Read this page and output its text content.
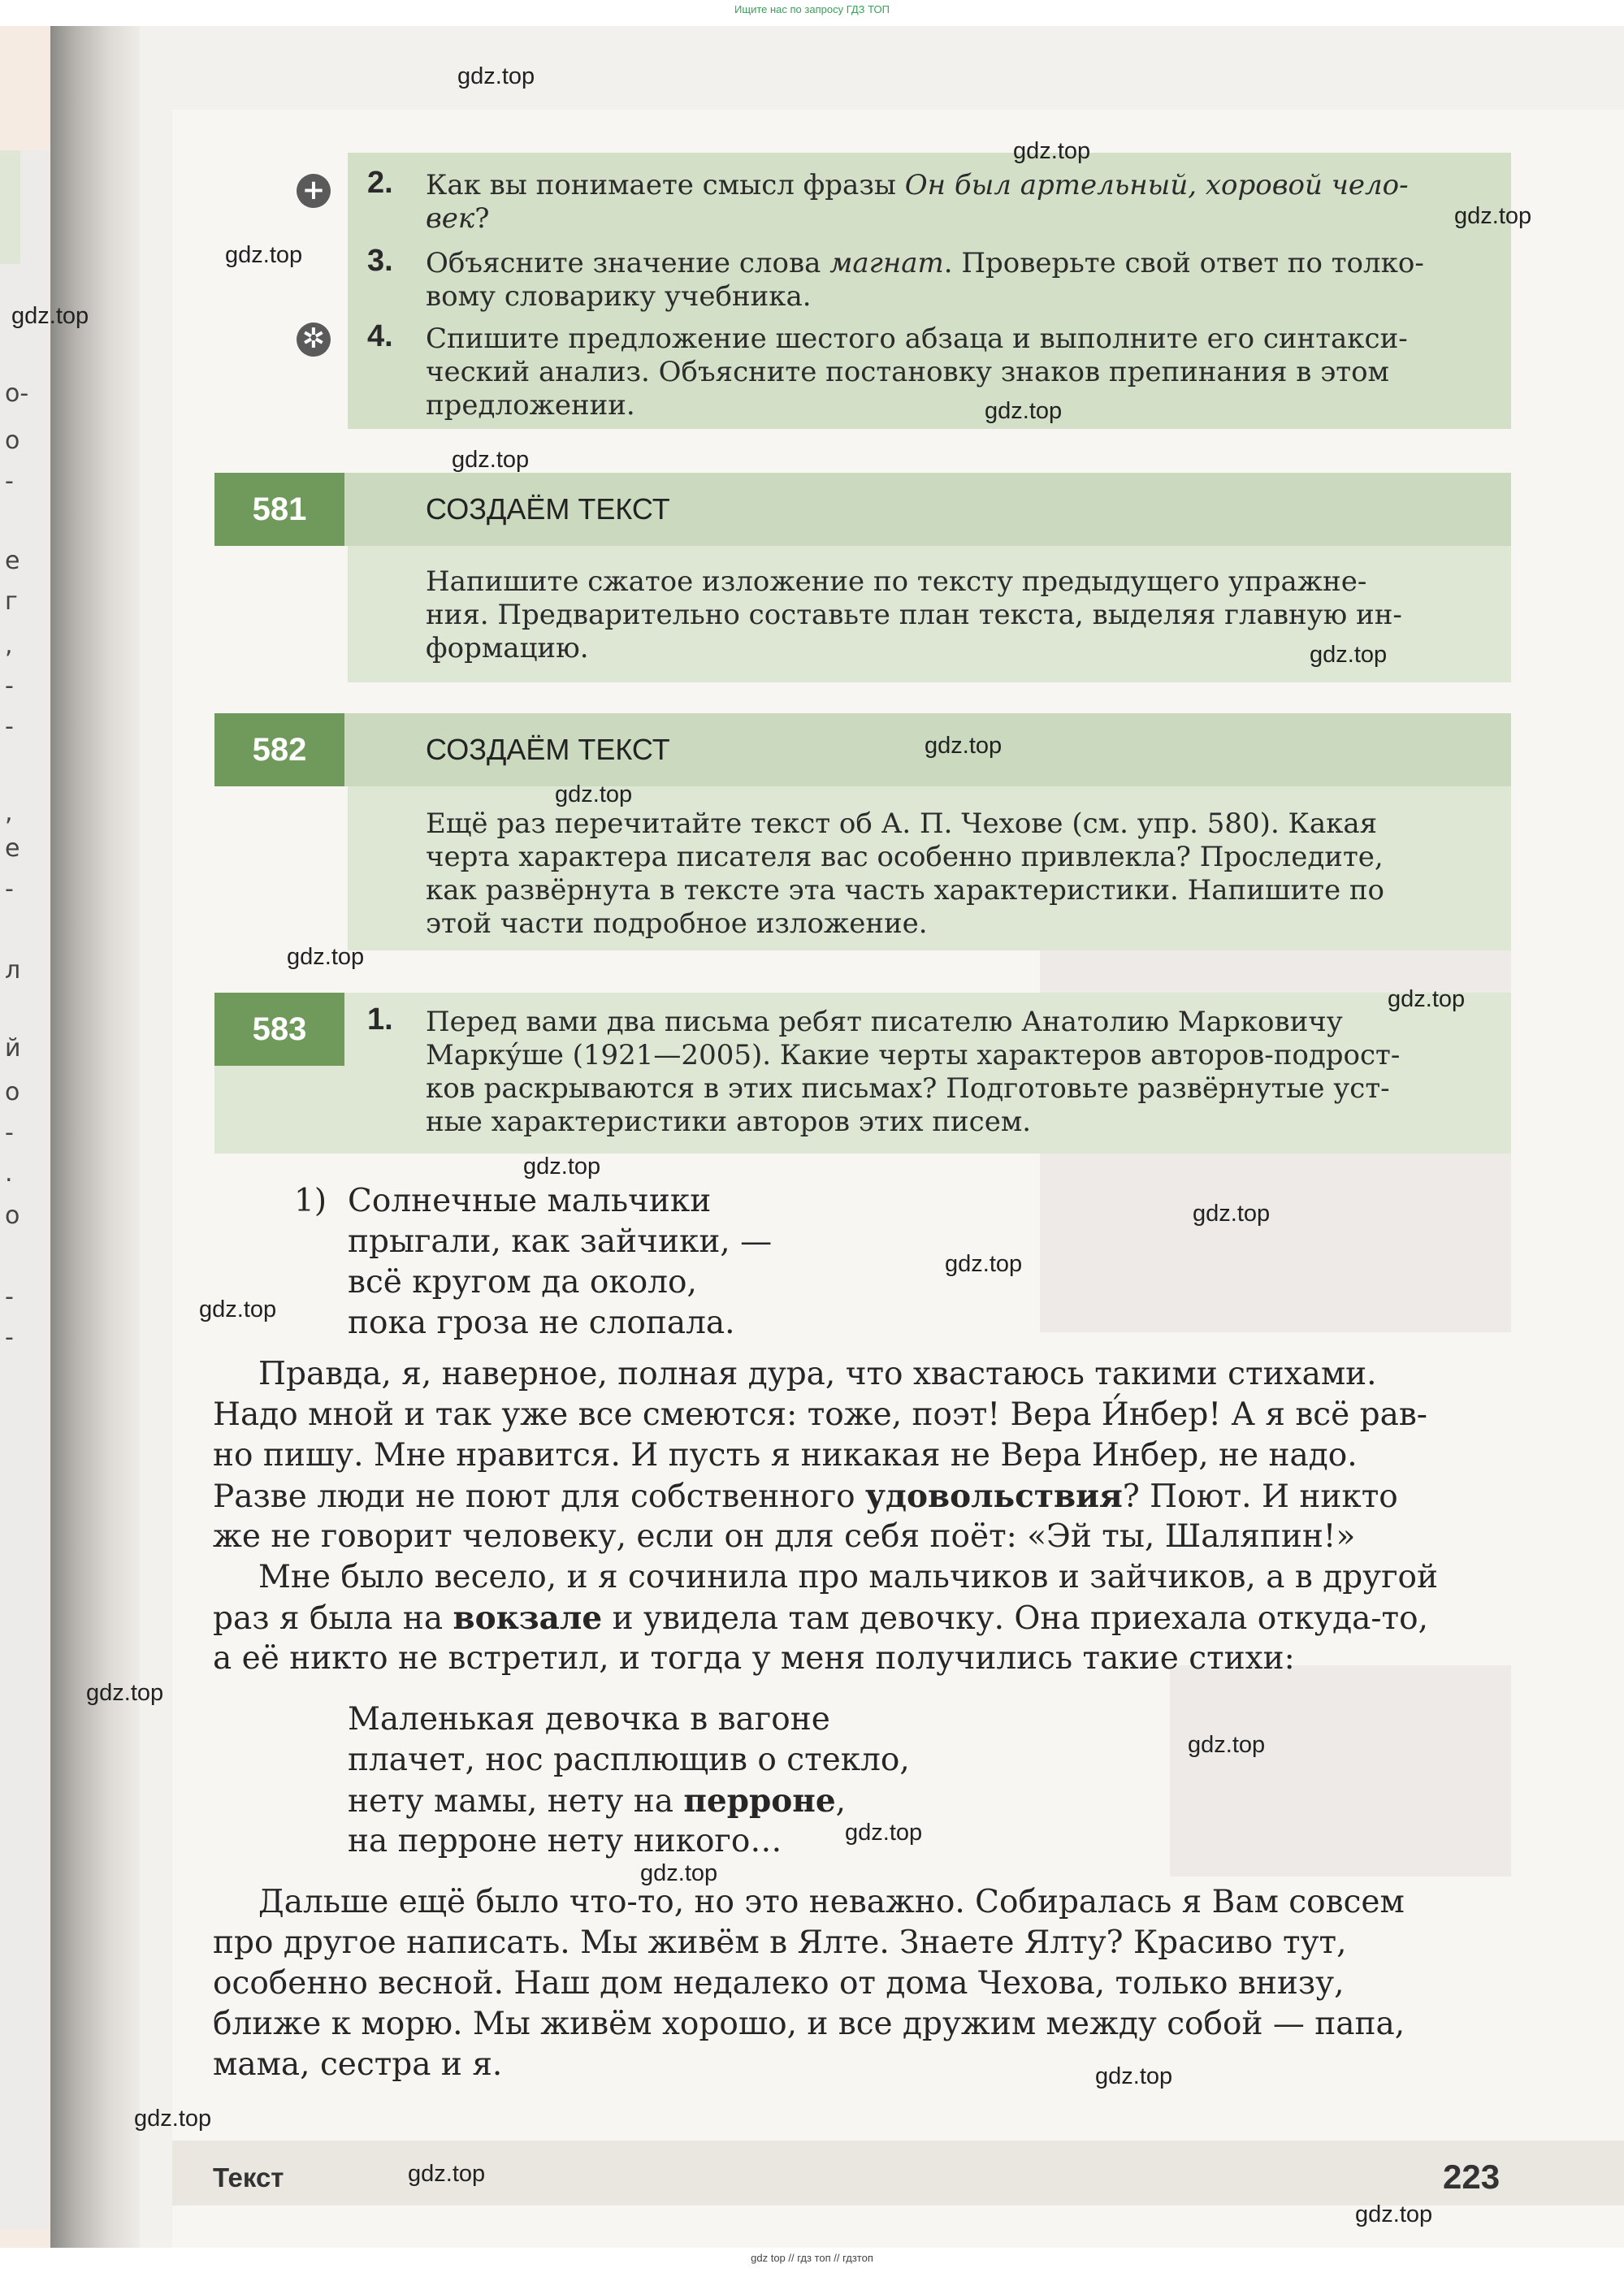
Ищите нас по запросу ГДЗ ТОП
о-
о
-
е
г
,
-
-
,
е
-
л
й
о
-
.
о
-
-
+ 2. Как вы понимаете смысл фразы Он был артельный, хоровой чело-
век?
3. Объясните значение слова магнат. Проверьте свой ответ по толко-
вому словарику учебника.
✲ 4. Спишите предложение шестого абзаца и выполните его синтакси-
ческий анализ. Объясните постановку знаков препинания в этом
предложении.
581	СОЗДАЁМ ТЕКСТ
Напишите сжатое изложение по тексту предыдущего упражне-
ния. Предварительно составьте план текста, выделяя главную ин-
формацию.
582	СОЗДАЁМ ТЕКСТ
Ещё раз перечитайте текст об А. П. Чехове (см. упр. 580). Какая
черта характера писателя вас особенно привлекла? Проследите,
как развёрнута в тексте эта часть характеристики. Напишите по
этой части подробное изложение.
583	1. Перед вами два письма ребят писателю Анатолию Марковичу
Марку́ше (1921—2005). Какие черты характеров авторов-подрост-
ков раскрываются в этих письмах? Подготовьте развёрнутые уст-
ные характеристики авторов этих писем.
1) Солнечные мальчики
прыгали, как зайчики, —
всё кругом да около,
пока гроза не слопала.
Правда, я, наверное, полная дура, что хвастаюсь такими стихами.
Надо мной и так уже все смеются: тоже, поэт! Вера И́нбер! А я всё рав-
но пишу. Мне нравится. И пусть я никакая не Вера Инбер, не надо.
Разве люди не поют для собственного удовольствия? Поют. И никто
же не говорит человеку, если он для себя поёт: «Эй ты, Шаляпин!»
Мне было весело, и я сочинила про мальчиков и зайчиков, а в другой
раз я была на вокзале и увидела там девочку. Она приехала откуда-то,
а её никто не встретил, и тогда у меня получились такие стихи:
Маленькая девочка в вагоне
плачет, нос расплющив о стекло,
нету мамы, нету на перроне,
на перроне нету никого…
Дальше ещё было что-то, но это неважно. Собиралась я Вам совсем
про другое написать. Мы живём в Ялте. Знаете Ялту? Красиво тут,
особенно весной. Наш дом недалеко от дома Чехова, только внизу,
ближе к морю. Мы живём хорошо, и все дружим между собой — папа,
мама, сестра и я.
Текст	223
gdz.top
gdz.top
gdz.top
gdz.top
gdz.top
gdz.top
gdz.top
gdz.top
gdz.top
gdz.top
gdz.top
gdz.top
gdz.top
gdz.top
gdz.top
gdz.top
gdz.top
gdz.top
gdz.top
gdz.top
gdz.top
gdz.top
gdz.top
gdz.top
gdz top // гдз топ // гдзтоп
